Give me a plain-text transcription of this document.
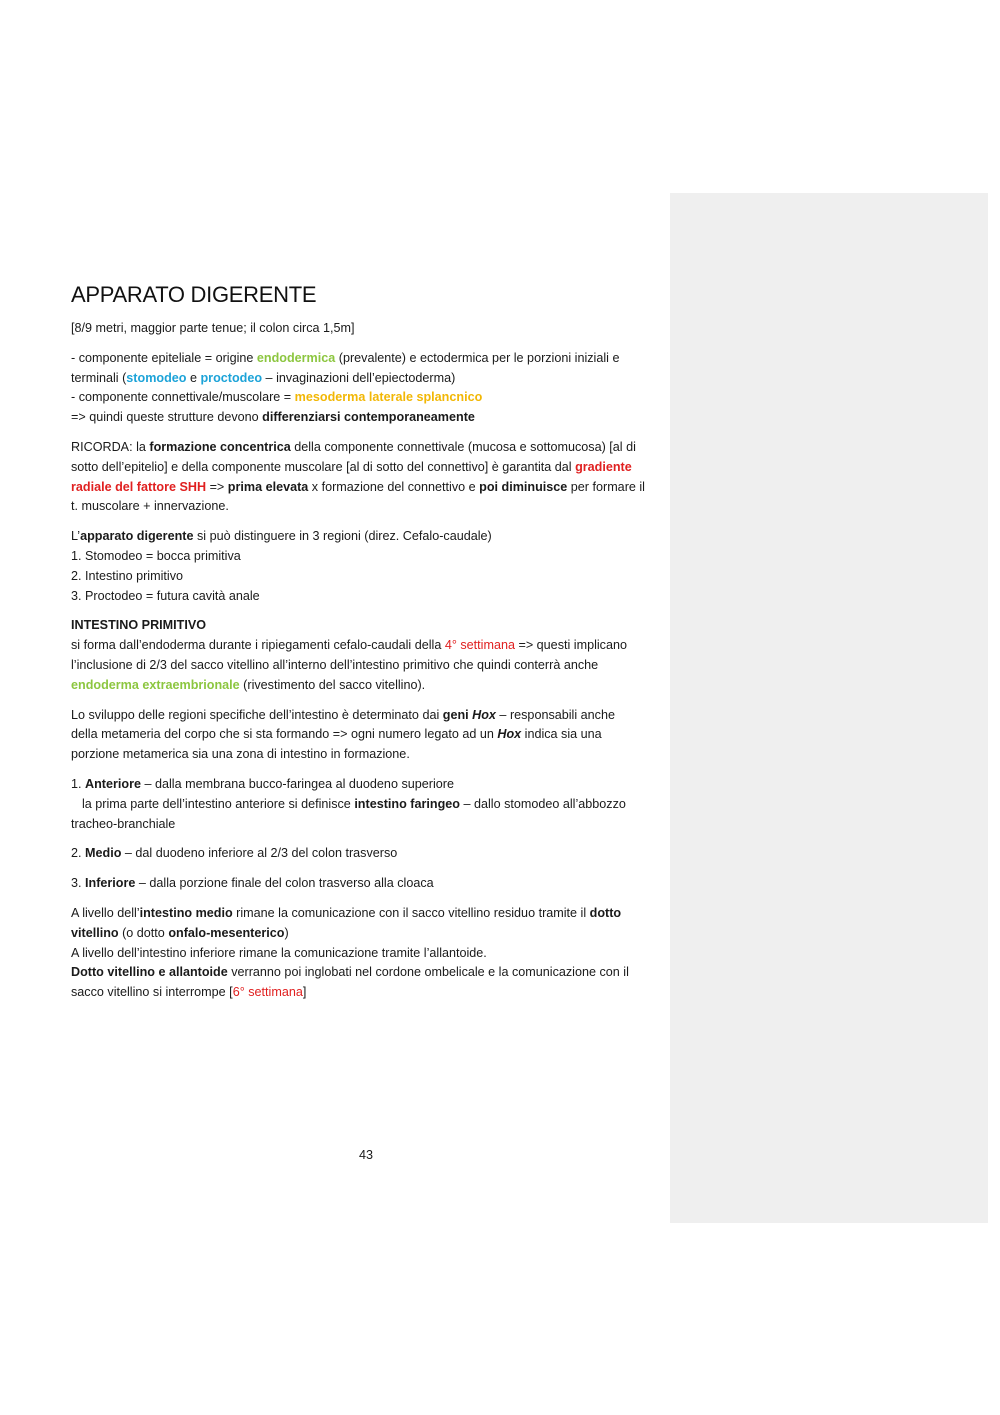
APPARATO DIGERENTE

[8/9 metri, maggior parte tenue; il colon circa 1,5m]

- componente epiteliale = origine endodermica (prevalente) e ectodermica per le porzioni iniziali e
terminali (stomodeo e proctodeo – invaginazioni dell’epiectoderma)
- componente connettivale/muscolare = mesoderma laterale splancnico
=> quindi queste strutture devono differenziarsi contemporaneamente
RICORDA: la formazione concentrica della componente connettivale (mucosa e sottomucosa) [al di
sotto dell’epitelio] e della componente muscolare [al di sotto del connettivo] è garantita dal gradiente
radiale del fattore SHH => prima elevata x formazione del connettivo e poi diminuisce per formare il
t. muscolare + innervazione.
L’apparato digerente si può distinguere in 3 regioni (direz. Cefalo-caudale)
1. Stomodeo = bocca primitiva
2. Intestino primitivo
3. Proctodeo = futura cavità anale
INTESTINO PRIMITIVO
si forma dall’endoderma durante i ripiegamenti cefalo-caudali della 4° settimana => questi implicano
l’inclusione di 2/3 del sacco vitellino all’interno dell’intestino primitivo che quindi conterrà anche
endoderma extraembrionale (rivestimento del sacco vitellino).
Lo sviluppo delle regioni specifiche dell’intestino è determinato dai geni Hox – responsabili anche
della metameria del corpo che si sta formando => ogni numero legato ad un Hox indica sia una
porzione metamerica sia una zona di intestino in formazione.
1. Anteriore – dalla membrana bucco-faringea al duodeno superiore
la prima parte dell’intestino anteriore si definisce intestino faringeo – dallo stomodeo all’abbozzo
tracheo-branchiale
2. Medio – dal duodeno inferiore al 2/3 del colon trasverso
3. Inferiore – dalla porzione finale del colon trasverso alla cloaca
A livello dell’intestino medio rimane la comunicazione con il sacco vitellino residuo tramite il dotto
vitellino (o dotto onfalo-mesenterico)
A livello dell’intestino inferiore rimane la comunicazione tramite l’allantoide.
Dotto vitellino e allantoide verranno poi inglobati nel cordone ombelicale e la comunicazione con il
sacco vitellino si interrompe [6° settimana]
43
